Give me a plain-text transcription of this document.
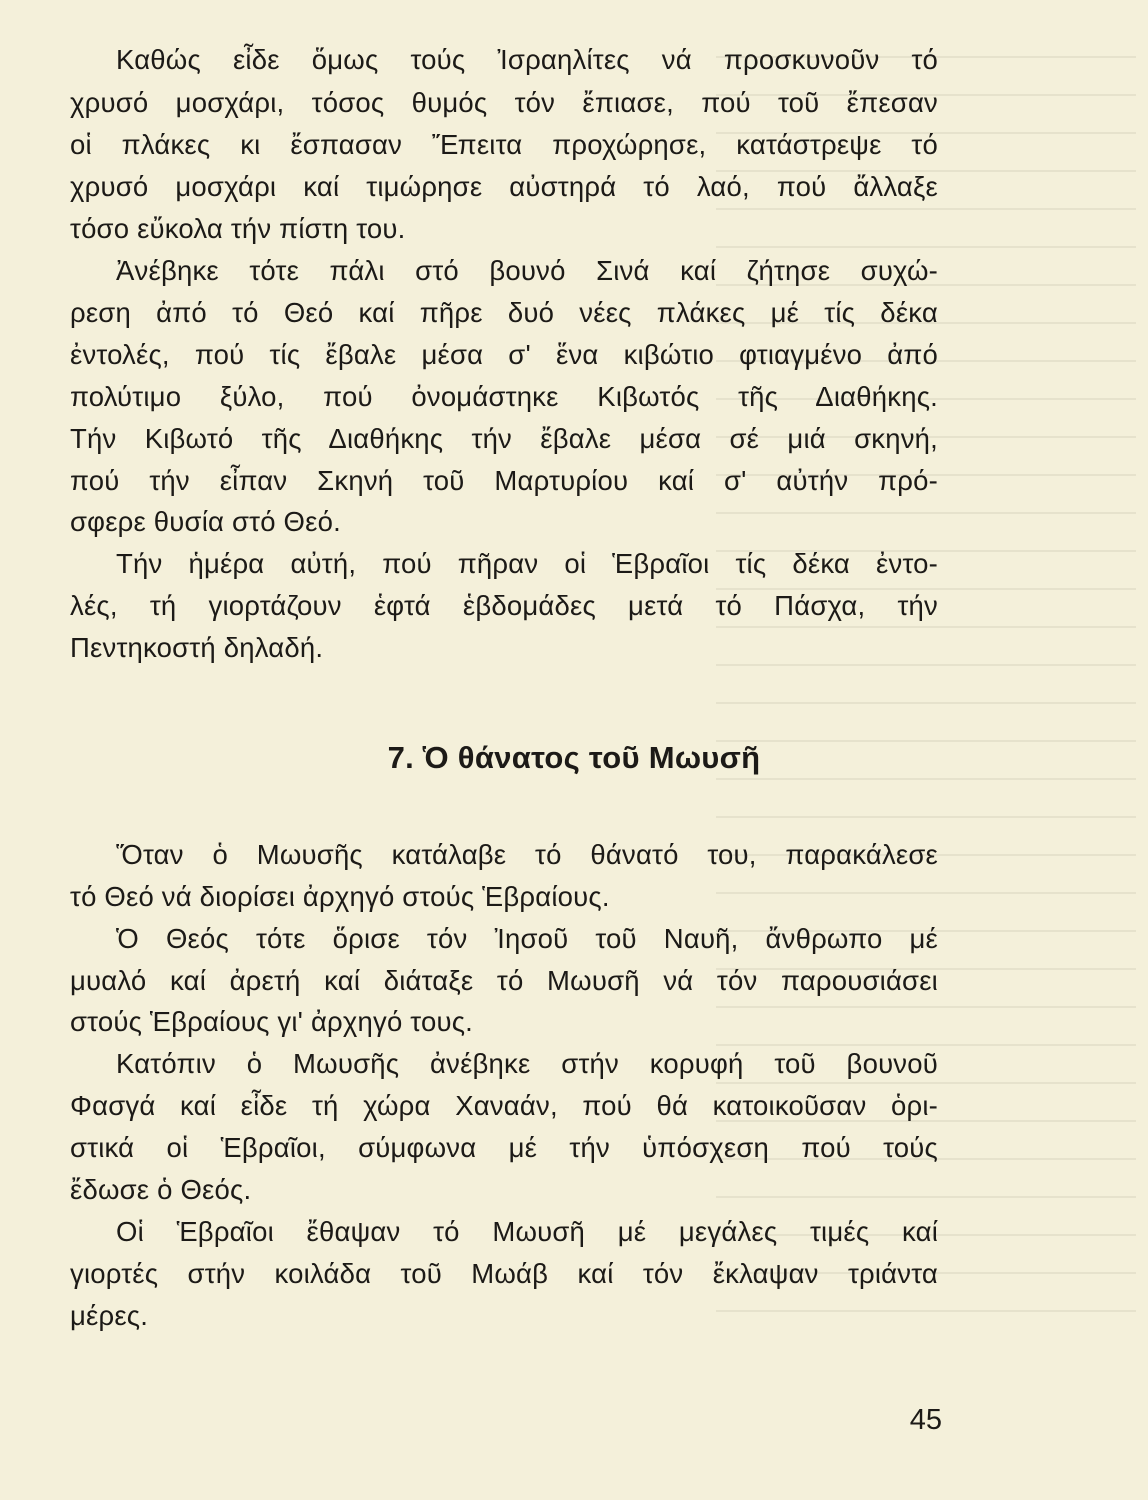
Καθώς εἶδε ὅμως τούς Ἰσραηλίτες νά προσκυνοῦν τό
χρυσό μοσχάρι, τόσος θυμός τόν ἔπιασε, πού τοῦ ἔπεσαν
οἱ πλάκες κι ἔσπασαν Ἔπειτα προχώρησε, κατάστρεψε τό
χρυσό μοσχάρι καί τιμώρησε αὐστηρά τό λαό, πού ἄλλαξε
τόσο εὔκολα τήν πίστη του.
Ἀνέβηκε τότε πάλι στό βουνό Σινά καί ζήτησε συχώ-
ρεση ἀπό τό Θεό καί πῆρε δυό νέες πλάκες μέ τίς δέκα
ἐντολές, πού τίς ἔβαλε μέσα σ' ἕνα κιβώτιο φτιαγμένο ἀπό
πολύτιμο ξύλο, πού ὀνομάστηκε Κιβωτός τῆς Διαθήκης.
Τήν Κιβωτό τῆς Διαθήκης τήν ἔβαλε μέσα σέ μιά σκηνή,
πού τήν εἶπαν Σκηνή τοῦ Μαρτυρίου καί σ' αὐτήν πρό-
σφερε θυσία στό Θεό.
Τήν ἡμέρα αὐτή, πού πῆραν οἱ Ἑβραῖοι τίς δέκα ἐντο-
λές, τή γιορτάζουν ἑφτά ἑβδομάδες μετά τό Πάσχα, τήν
Πεντηκοστή δηλαδή.
7. Ὁ θάνατος τοῦ Μωυσῆ
Ὅταν ὁ Μωυσῆς κατάλαβε τό θάνατό του, παρακάλεσε
τό Θεό νά διορίσει ἀρχηγό στούς Ἑβραίους.
Ὁ Θεός τότε ὅρισε τόν Ἰησοῦ τοῦ Ναυῆ, ἄνθρωπο μέ
μυαλό καί ἀρετή καί διάταξε τό Μωυσῆ νά τόν παρουσιάσει
στούς Ἑβραίους γι' ἀρχηγό τους.
Κατόπιν ὁ Μωυσῆς ἀνέβηκε στήν κορυφή τοῦ βουνοῦ
Φασγά καί εἶδε τή χώρα Χαναάν, πού θά κατοικοῦσαν ὁρι-
στικά οἱ Ἑβραῖοι, σύμφωνα μέ τήν ὑπόσχεση πού τούς
ἔδωσε ὁ Θεός.
Οἱ Ἑβραῖοι ἔθαψαν τό Μωυσῆ μέ μεγάλες τιμές καί
γιορτές στήν κοιλάδα τοῦ Μωάβ καί τόν ἔκλαψαν τριάντα
μέρες.
45
